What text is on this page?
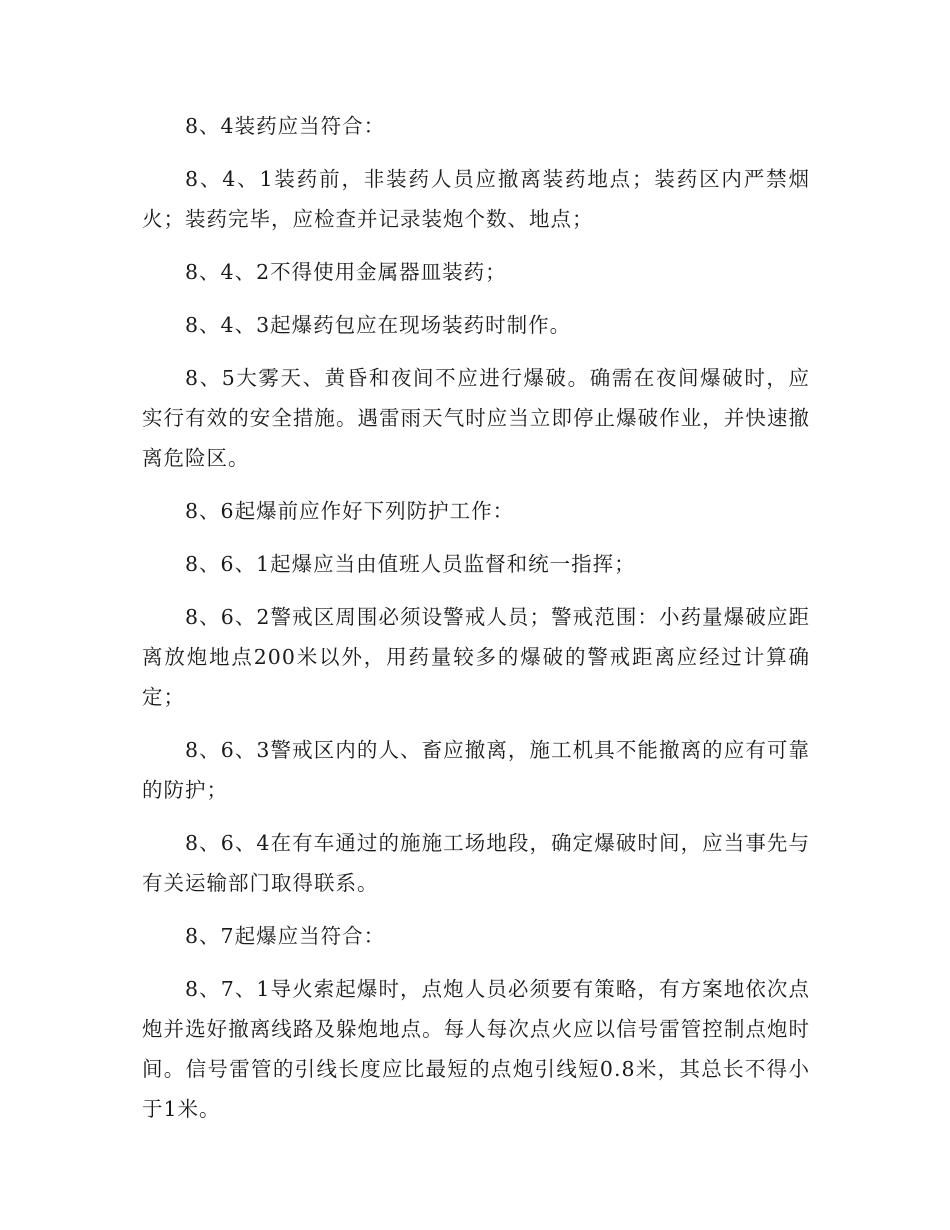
8、4装药应当符合：

8、4、1装药前，非装药人员应撤离装药地点；装药区内严禁烟火；装药完毕，应检查并记录装炮个数、地点；

8、4、2不得使用金属器皿装药；

8、4、3起爆药包应在现场装药时制作。

8、5大雾天、黄昏和夜间不应进行爆破。确需在夜间爆破时，应实行有效的安全措施。遇雷雨天气时应当立即停止爆破作业，并快速撤离危险区。

8、6起爆前应作好下列防护工作：

8、6、1起爆应当由值班人员监督和统一指挥；

8、6、2警戒区周围必须设警戒人员；警戒范围：小药量爆破应距离放炮地点200米以外，用药量较多的爆破的警戒距离应经过计算确定；

8、6、3警戒区内的人、畜应撤离，施工机具不能撤离的应有可靠的防护；

8、6、4在有车通过的施施工场地段，确定爆破时间，应当事先与有关运输部门取得联系。

8、7起爆应当符合：

8、7、1导火索起爆时，点炮人员必须要有策略，有方案地依次点炮并选好撤离线路及躲炮地点。每人每次点火应以信号雷管控制点炮时间。信号雷管的引线长度应比最短的点炮引线短0.8米，其总长不得小于1米。
